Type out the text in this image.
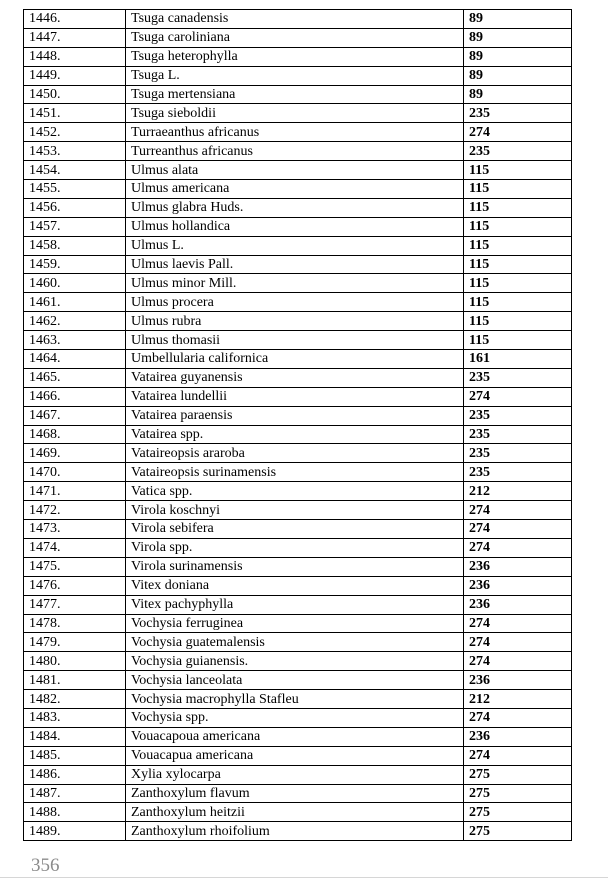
1446.	Tsuga canadensis	89
1447.	Tsuga caroliniana	89
1448.	Tsuga heterophylla	89
1449.	Tsuga L.	89
1450.	Tsuga mertensiana	89
1451.	Tsuga sieboldii	235
1452.	Turraeanthus africanus	274
1453.	Turreanthus africanus	235
1454.	Ulmus alata	115
1455.	Ulmus americana	115
1456.	Ulmus glabra Huds.	115
1457.	Ulmus hollandica	115
1458.	Ulmus L.	115
1459.	Ulmus laevis Pall.	115
1460.	Ulmus minor Mill.	115
1461.	Ulmus procera	115
1462.	Ulmus rubra	115
1463.	Ulmus thomasii	115
1464.	Umbellularia californica	161
1465.	Vatairea guyanensis	235
1466.	Vatairea lundellii	274
1467.	Vatairea paraensis	235
1468.	Vatairea spp.	235
1469.	Vataireopsis araroba	235
1470.	Vataireopsis surinamensis	235
1471.	Vatica spp.	212
1472.	Virola koschnyi	274
1473.	Virola sebifera	274
1474.	Virola spp.	274
1475.	Virola surinamensis	236
1476.	Vitex doniana	236
1477.	Vitex pachyphylla	236
1478.	Vochysia ferruginea	274
1479.	Vochysia guatemalensis	274
1480.	Vochysia guianensis.	274
1481.	Vochysia lanceolata	236
1482.	Vochysia macrophylla Stafleu	212
1483.	Vochysia spp.	274
1484.	Vouacapoua americana	236
1485.	Vouacapua americana	274
1486.	Xylia xylocarpa	275
1487.	Zanthoxylum flavum	275
1488.	Zanthoxylum heitzii	275
1489.	Zanthoxylum rhoifolium	275
356
